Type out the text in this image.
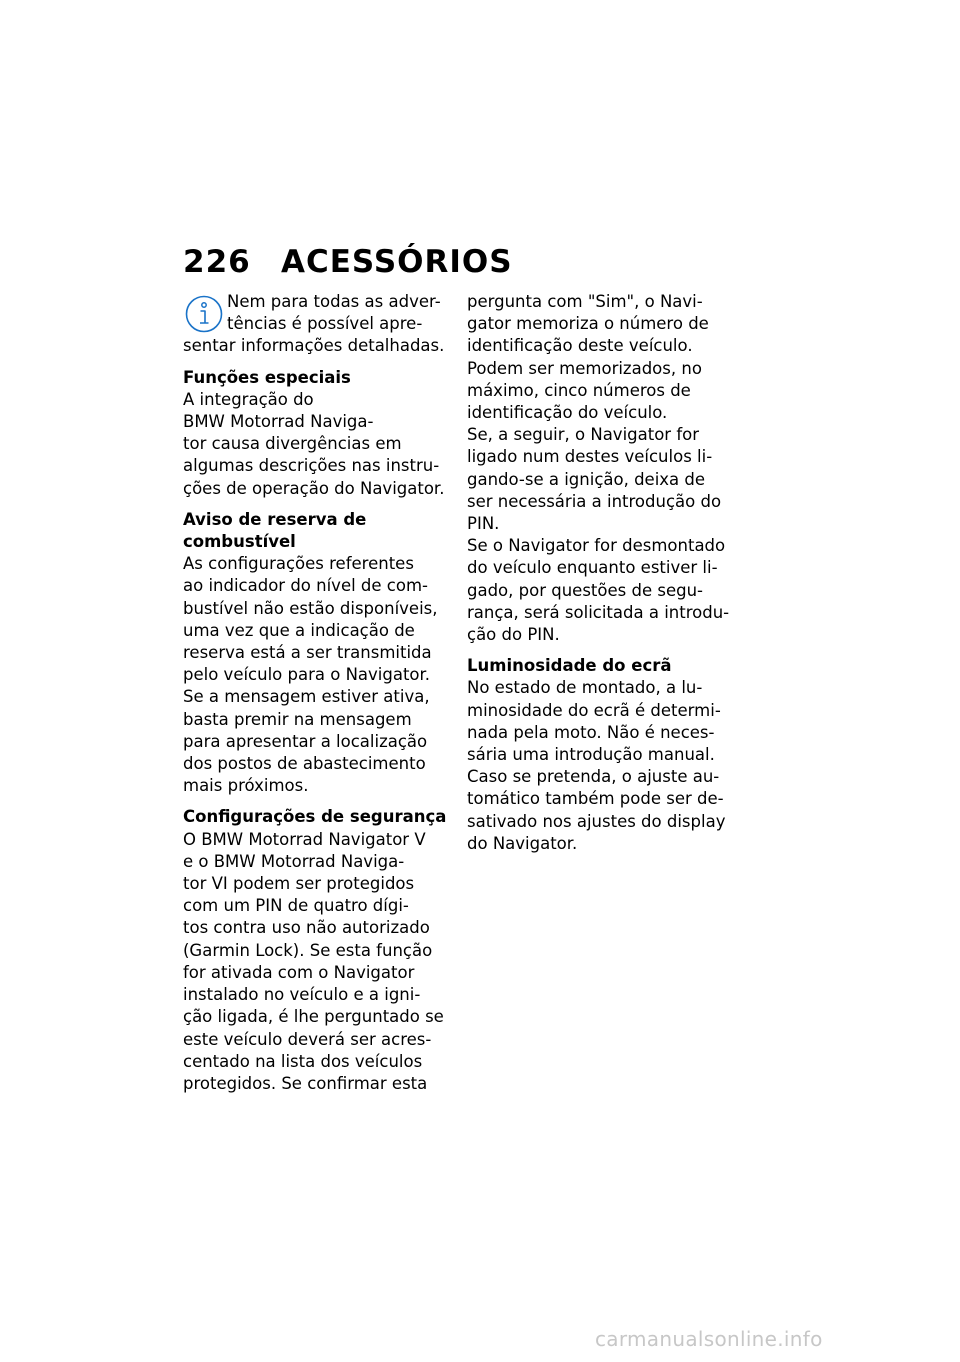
226 ACESSÓRIOS

Nem para todas as adver-

tências é possível apre-

sentar informações detalhadas.

Funções especiais

A integração do

BMW Motorrad Naviga-

tor causa divergências em

algumas descrições nas instru-

ções de operação do Navigator.

Aviso de reserva de

combustível

As configurações referentes

ao indicador do nível de com-

bustível não estão disponíveis,

uma vez que a indicação de

reserva está a ser transmitida

pelo veículo para o Navigator.

Se a mensagem estiver ativa,

basta premir na mensagem

para apresentar a localização

dos postos de abastecimento

mais próximos.

Configurações de segurança

O BMW Motorrad Navigator V

e o BMW Motorrad Naviga-

tor VI podem ser protegidos

com um PIN de quatro dígi-

tos contra uso não autorizado

(Garmin Lock). Se esta função

for ativada com o Navigator

instalado no veículo e a igni-

ção ligada, é lhe perguntado se

este veículo deverá ser acres-

centado na lista dos veículos

protegidos. Se confirmar esta

pergunta com "Sim", o Navi-

gator memoriza o número de

identificação deste veículo.

Podem ser memorizados, no

máximo, cinco números de

identificação do veículo.

Se, a seguir, o Navigator for

ligado num destes veículos li-

gando-se a ignição, deixa de

ser necessária a introdução do

PIN.

Se o Navigator for desmontado

do veículo enquanto estiver li-

gado, por questões de segu-

rança, será solicitada a introdu-

ção do PIN.

Luminosidade do ecrã

No estado de montado, a lu-

minosidade do ecrã é determi-

nada pela moto. Não é neces-

sária uma introdução manual.

Caso se pretenda, o ajuste au-

tomático também pode ser de-

sativado nos ajustes do display

do Navigator.

carmanualsonline.info
